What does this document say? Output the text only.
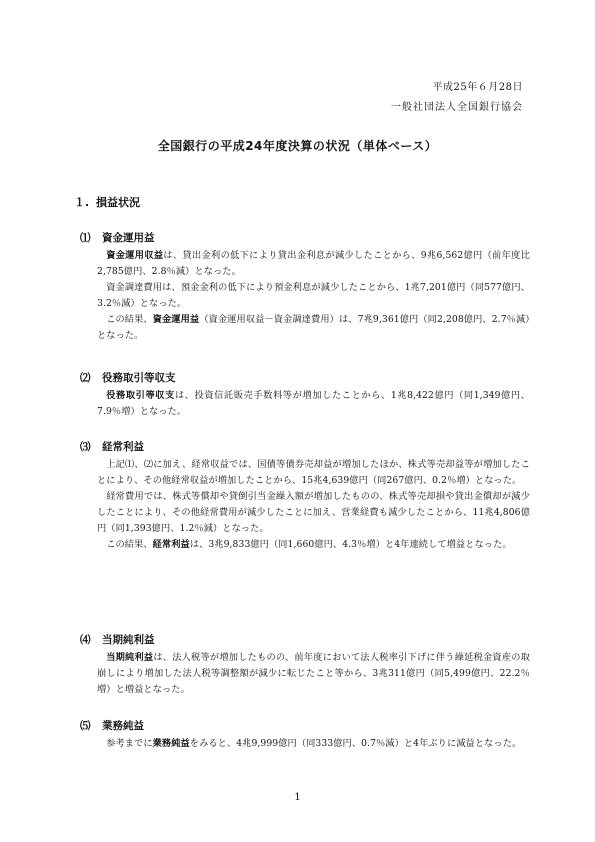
平成25年６月28日
一般社団法人全国銀行協会
全国銀行の平成24年度決算の状況（単体ベース）
１. 損益状況
⑴ 資金運用益

資金運用収益は、貸出金利の低下により貸出金利息が減少したことから、9兆6,562億円（前年度比2,785億円、2.8％減）となった。

資金調達費用は、預金金利の低下により預金利息が減少したことから、1兆7,201億円（同577億円、3.2％減）となった。

この結果、資金運用益（資金運用収益－資金調達費用）は、7兆9,361億円（同2,208億円、2.7％減）となった。

⑵ 役務取引等収支

役務取引等収支は、投資信託販売手数料等が増加したことから、1兆8,422億円（同1,349億円、7.9％増）となった。

⑶ 経常利益

上記⑴、⑵に加え、経常収益では、国債等債券売却益が増加したほか、株式等売却益等が増加したことにより、その他経常収益が増加したことから、15兆4,639億円（同267億円、0.2％増）となった。

経常費用では、株式等償却や貸倒引当金繰入額が増加したものの、株式等売却損や貸出金償却が減少したことにより、その他経常費用が減少したことに加え、営業経費も減少したことから、11兆4,806億円（同1,393億円、1.2％減）となった。

この結果、経常利益は、3兆9,833億円（同1,660億円、4.3％増）と4年連続して増益となった。

⑷ 当期純利益

当期純利益は、法人税等が増加したものの、前年度において法人税率引下げに伴う繰延税金資産の取崩しにより増加した法人税等調整額が減少に転じたこと等から、3兆311億円（同5,499億円、22.2％増）と増益となった。

⑸ 業務純益

参考までに業務純益をみると、4兆9,999億円（同333億円、0.7％減）と4年ぶりに減益となった。

1
